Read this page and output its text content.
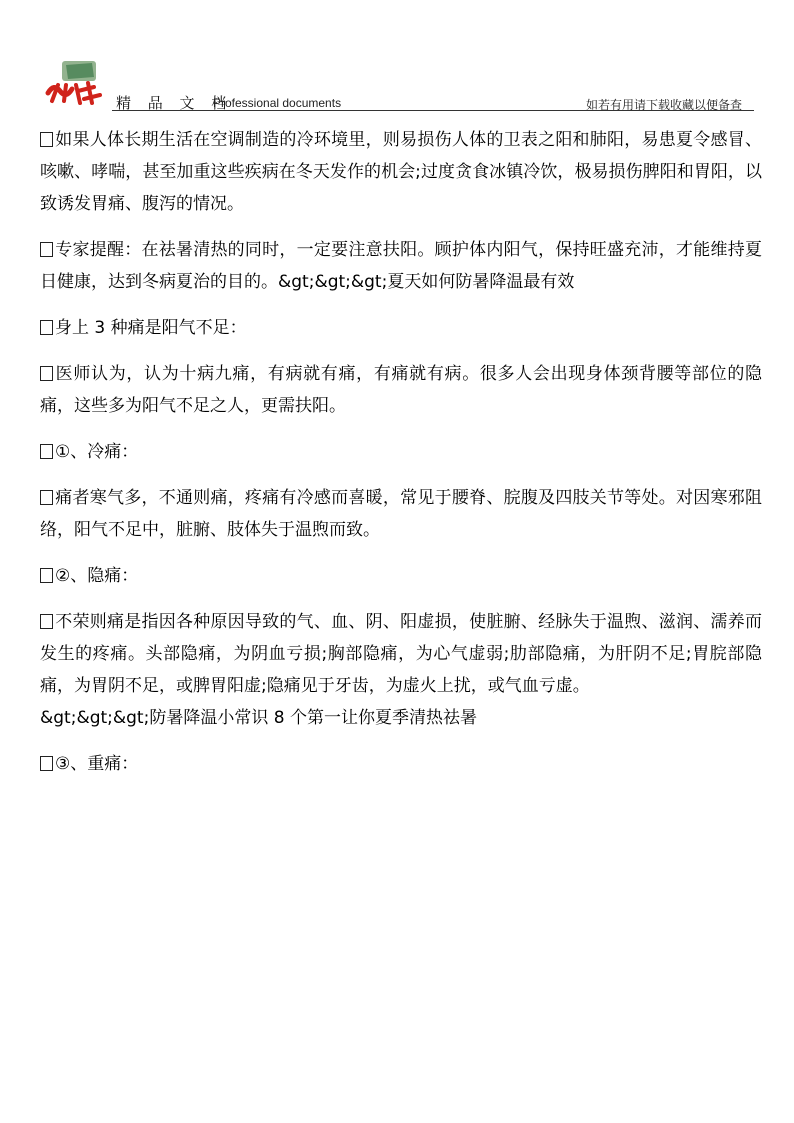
精 品 文 档
Professional documents	如若有用请下载收藏以便备查

如果人体长期生活在空调制造的冷环境里，则易损伤人体的卫表之阳和肺阳，易患夏令感冒、咳嗽、哮喘，甚至加重这些疾病在冬天发作的机会;过度贪食冰镇冷饮，极易损伤脾阳和胃阳，以致诱发胃痛、腹泻的情况。

专家提醒：在祛暑清热的同时，一定要注意扶阳。顾护体内阳气，保持旺盛充沛，才能维持夏日健康，达到冬病夏治的目的。&gt;&gt;&gt;夏天如何防暑降温最有效

身上 3 种痛是阳气不足：

医师认为，认为十病九痛，有病就有痛，有痛就有病。很多人会出现身体颈背腰等部位的隐痛，这些多为阳气不足之人，更需扶阳。

①、冷痛：

痛者寒气多，不通则痛，疼痛有冷感而喜暖，常见于腰脊、脘腹及四肢关节等处。对因寒邪阻络，阳气不足中，脏腑、肢体失于温煦而致。

②、隐痛：

不荣则痛是指因各种原因导致的气、血、阴、阳虚损，使脏腑、经脉失于温煦、滋润、濡养而发生的疼痛。头部隐痛，为阴血亏损;胸部隐痛，为心气虚弱;肋部隐痛，为肝阴不足;胃脘部隐痛，为胃阴不足，或脾胃阳虚;隐痛见于牙齿，为虚火上扰，或气血亏虚。

&gt;&gt;&gt;防暑降温小常识 8 个第一让你夏季清热祛暑

③、重痛：
